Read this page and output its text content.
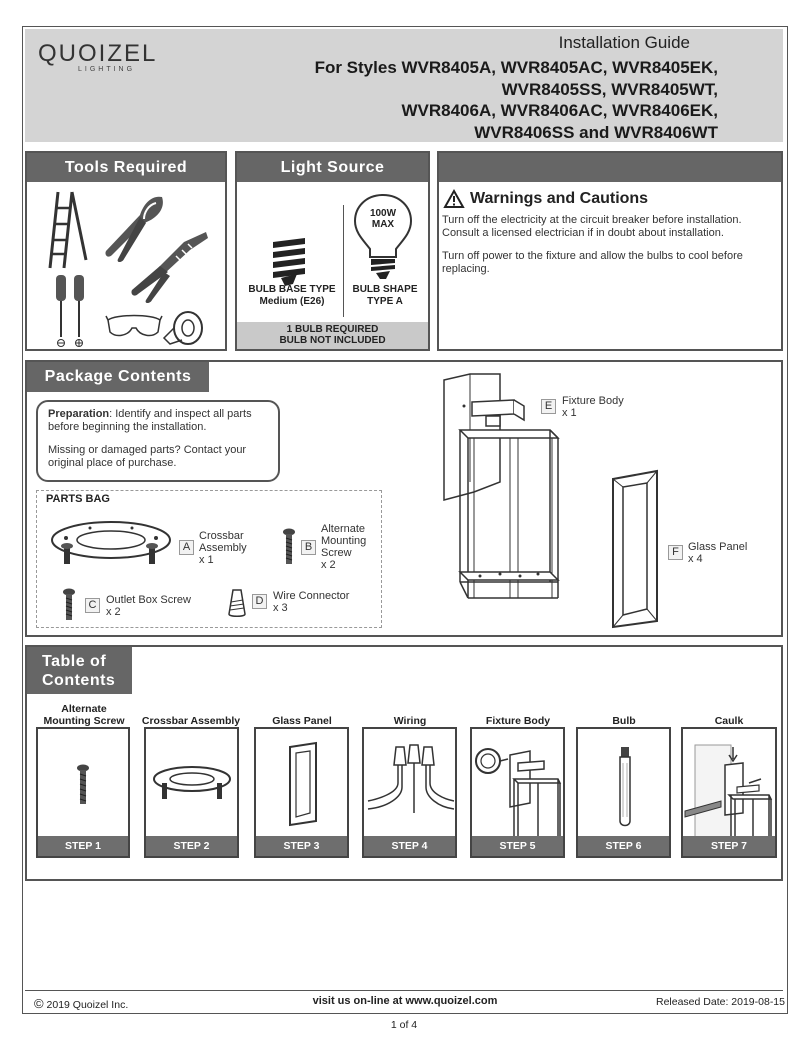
QUOIZEL
LIGHTING
Installation Guide
For Styles WVR8405A, WVR8405AC, WVR8405EK,
WVR8405SS, WVR8405WT,
WVR8406A, WVR8406AC, WVR8406EK,
WVR8406SS and WVR8406WT
Tools Required	Light Source
100W
MAX
BULB BASE TYPE
Medium (E26)
BULB SHAPE
TYPE A
1 BULB REQUIRED
BULB NOT INCLUDED
Warnings and Cautions
Turn off the electricity at the circuit breaker before installation. Consult a licensed electrician if in doubt about installation.
Turn off power to the fixture and allow the bulbs to cool before replacing.
Package Contents
Preparation: Identify and inspect all parts before beginning the installation.
Missing or damaged parts? Contact your original place of purchase.
PARTS BAG
A
Crossbar Assembly
x 1
B
Alternate Mounting Screw
x 2
C Outlet Box Screw
x 2
D Wire Connector
x 3
E Fixture Body
x 1
F Glass Panel
x 4
Table of
Contents
Alternate
Mounting Screw	Crossbar Assembly	Glass Panel	Wiring	Fixture Body	Bulb	Caulk
STEP 1	STEP 2	STEP 3	STEP 4	STEP 5	STEP 6	STEP 7
© 2019 Quoizel Inc.	visit us on-line at www.quoizel.com	Released Date: 2019-08-15
1 of 4
